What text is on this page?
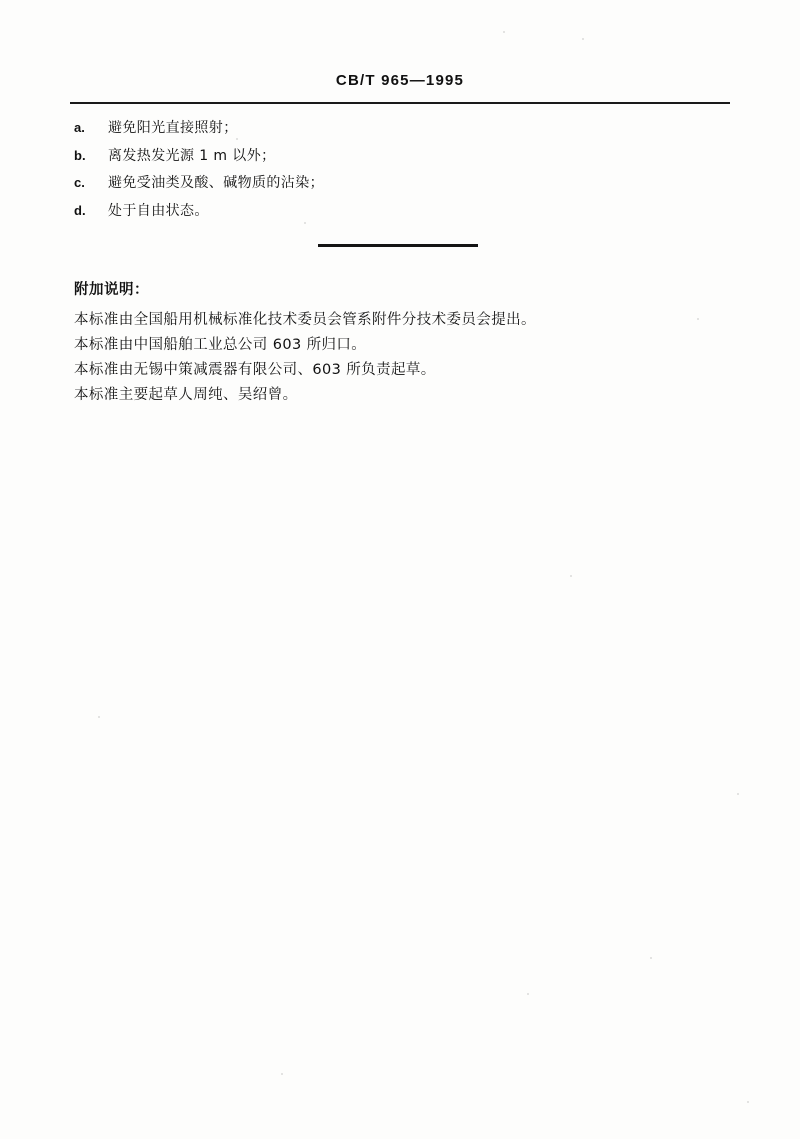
CB/T 965—1995
a.	避免阳光直接照射；
b.	离发热发光源 1 m 以外；
c.	避免受油类及酸、碱物质的沾染；
d.	处于自由状态。
附加说明：
本标准由全国船用机械标准化技术委员会管系附件分技术委员会提出。
本标准由中国船舶工业总公司 603 所归口。
本标准由无锡中策减震器有限公司、603 所负责起草。
本标准主要起草人周纯、吴绍曾。
